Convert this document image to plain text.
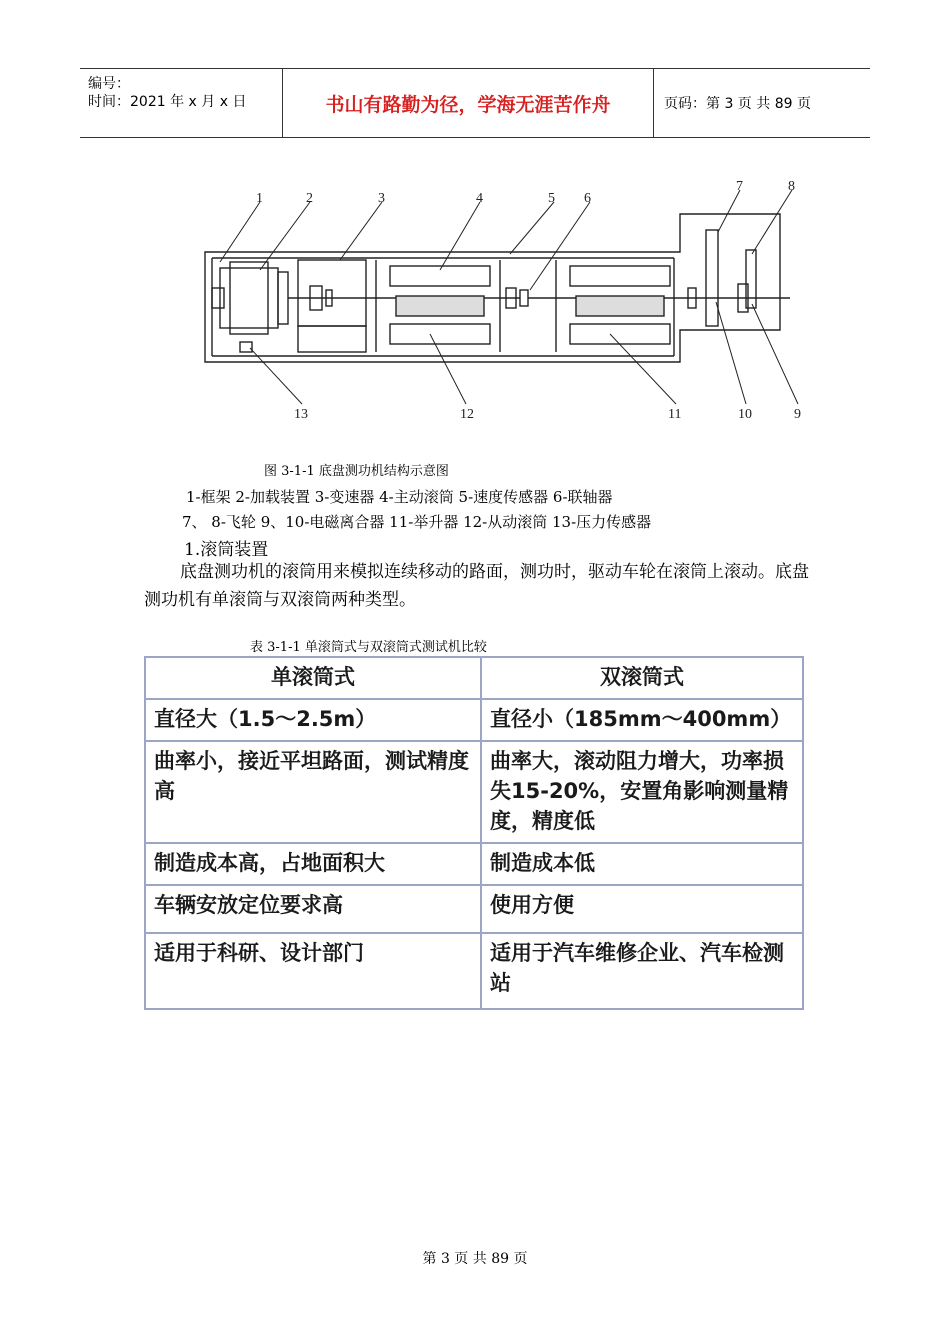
编号：
时间：2021 年 x 月 x 日	书山有路勤为径，学海无涯苦作舟	页码：第 3 页 共 89 页
1	2	3	4	5 6
7	8
13	12	11	10	9
图 3-1-1 底盘测功机结构示意图
1-框架 2-加载装置 3-变速器 4-主动滚筒 5-速度传感器 6-联轴器
7、 8-飞轮 9、10-电磁离合器 11-举升器 12-从动滚筒 13-压力传感器
1.滚筒装置
底盘测功机的滚筒用来模拟连续移动的路面，测功时，驱动车轮在滚筒上滚动。底盘测功机有单滚筒与双滚筒两种类型。
表 3-1-1 单滚筒式与双滚筒式测试机比较
单滚筒式	双滚筒式
直径大（1.5～2.5m）	直径小（185mm～400mm）
曲率小，接近平坦路面，测试精度高	曲率大，滚动阻力增大，功率损失15-20%，安置角影响测量精度，精度低
制造成本高，占地面积大	制造成本低
车辆安放定位要求高	使用方便
适用于科研、设计部门	适用于汽车维修企业、汽车检测站
第 3 页 共 89 页
